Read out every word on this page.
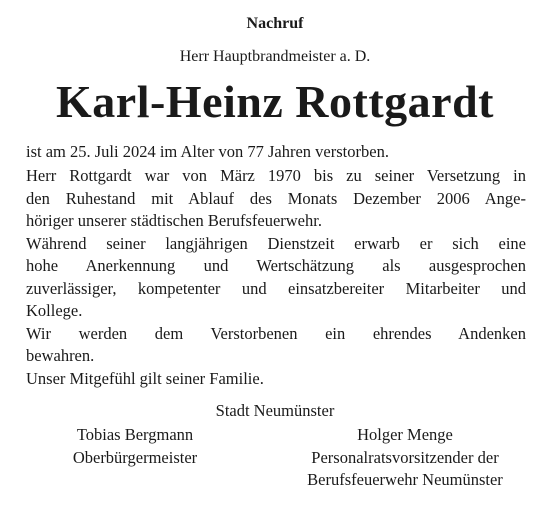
Nachruf
Herr Hauptbrandmeister a. D.
Karl-Heinz Rottgardt
ist am 25. Juli 2024 im Alter von 77 Jahren verstorben.
Herr Rottgardt war von März 1970 bis zu seiner Versetzung in
den Ruhestand mit Ablauf des Monats Dezember 2006 Ange-
höriger unserer städtischen Berufsfeuerwehr.
Während seiner langjährigen Dienstzeit erwarb er sich eine
hohe Anerkennung und Wertschätzung als ausgesprochen
zuverlässiger, kompetenter und einsatzbereiter Mitarbeiter und
Kollege.
Wir werden dem Verstorbenen ein ehrendes Andenken
bewahren.
Unser Mitgefühl gilt seiner Familie.
Stadt Neumünster
Tobias Bergmann
Oberbürgermeister
Holger Menge
Personalratsvorsitzender der
Berufsfeuerwehr Neumünster
